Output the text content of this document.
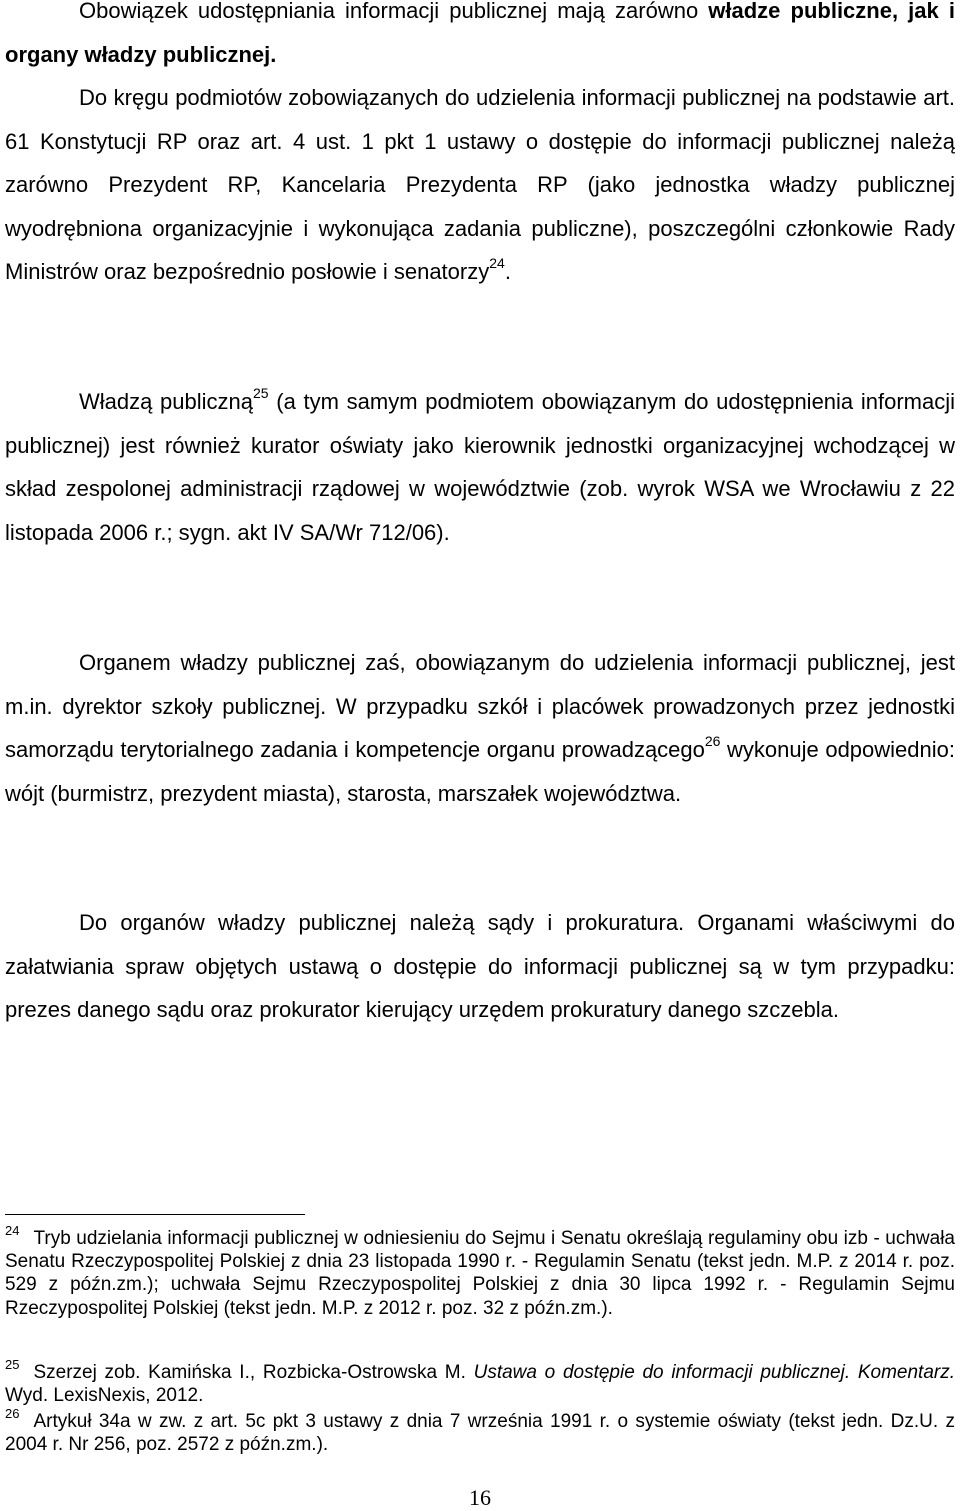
Obowiązek udostępniania informacji publicznej mają zarówno władze publiczne, jak i organy władzy publicznej.

Do kręgu podmiotów zobowiązanych do udzielenia informacji publicznej na podstawie art. 61 Konstytucji RP oraz art. 4 ust. 1 pkt 1 ustawy o dostępie do informacji publicznej należą zarówno Prezydent RP, Kancelaria Prezydenta RP (jako jednostka władzy publicznej wyodrębniona organizacyjnie i wykonująca zadania publiczne), poszczególni członkowie Rady Ministrów oraz bezpośrednio posłowie i senatorzy$^{24}$.

Władzą publiczną$^{25}$ (a tym samym podmiotem obowiązanym do udostępnienia informacji publicznej) jest również kurator oświaty jako kierownik jednostki organizacyjnej wchodzącej w skład zespolonej administracji rządowej w województwie (zob. wyrok WSA we Wrocławiu z 22 listopada 2006 r.; sygn. akt IV SA/Wr 712/06).

Organem władzy publicznej zaś, obowiązanym do udzielenia informacji publicznej, jest m.in. dyrektor szkoły publicznej. W przypadku szkół i placówek prowadzonych przez jednostki samorządu terytorialnego zadania i kompetencje organu prowadzącego$^{26}$ wykonuje odpowiednio: wójt (burmistrz, prezydent miasta), starosta, marszałek województwa.

Do organów władzy publicznej należą sądy i prokuratura. Organami właściwymi do załatwiania spraw objętych ustawą o dostępie do informacji publicznej są w tym przypadku: prezes danego sądu oraz prokurator kierujący urzędem prokuratury danego szczebla.

$^{24}$ Tryb udzielania informacji publicznej w odniesieniu do Sejmu i Senatu określają regulaminy obu izb - uchwała Senatu Rzeczypospolitej Polskiej z dnia 23 listopada 1990 r. - Regulamin Senatu (tekst jedn. M.P. z 2014 r. poz. 529 z późn.zm.); uchwała Sejmu Rzeczypospolitej Polskiej z dnia 30 lipca 1992 r. - Regulamin Sejmu Rzeczypospolitej Polskiej (tekst jedn. M.P. z 2012 r. poz. 32 z późn.zm.).

$^{25}$ Szerzej zob. Kamińska I., Rozbicka-Ostrowska M. Ustawa o dostępie do informacji publicznej. Komentarz. Wyd. LexisNexis, 2012.

$^{26}$ Artykuł 34a w zw. z art. 5c pkt 3 ustawy z dnia 7 września 1991 r. o systemie oświaty (tekst jedn. Dz.U. z 2004 r. Nr 256, poz. 2572 z późn.zm.).

16
